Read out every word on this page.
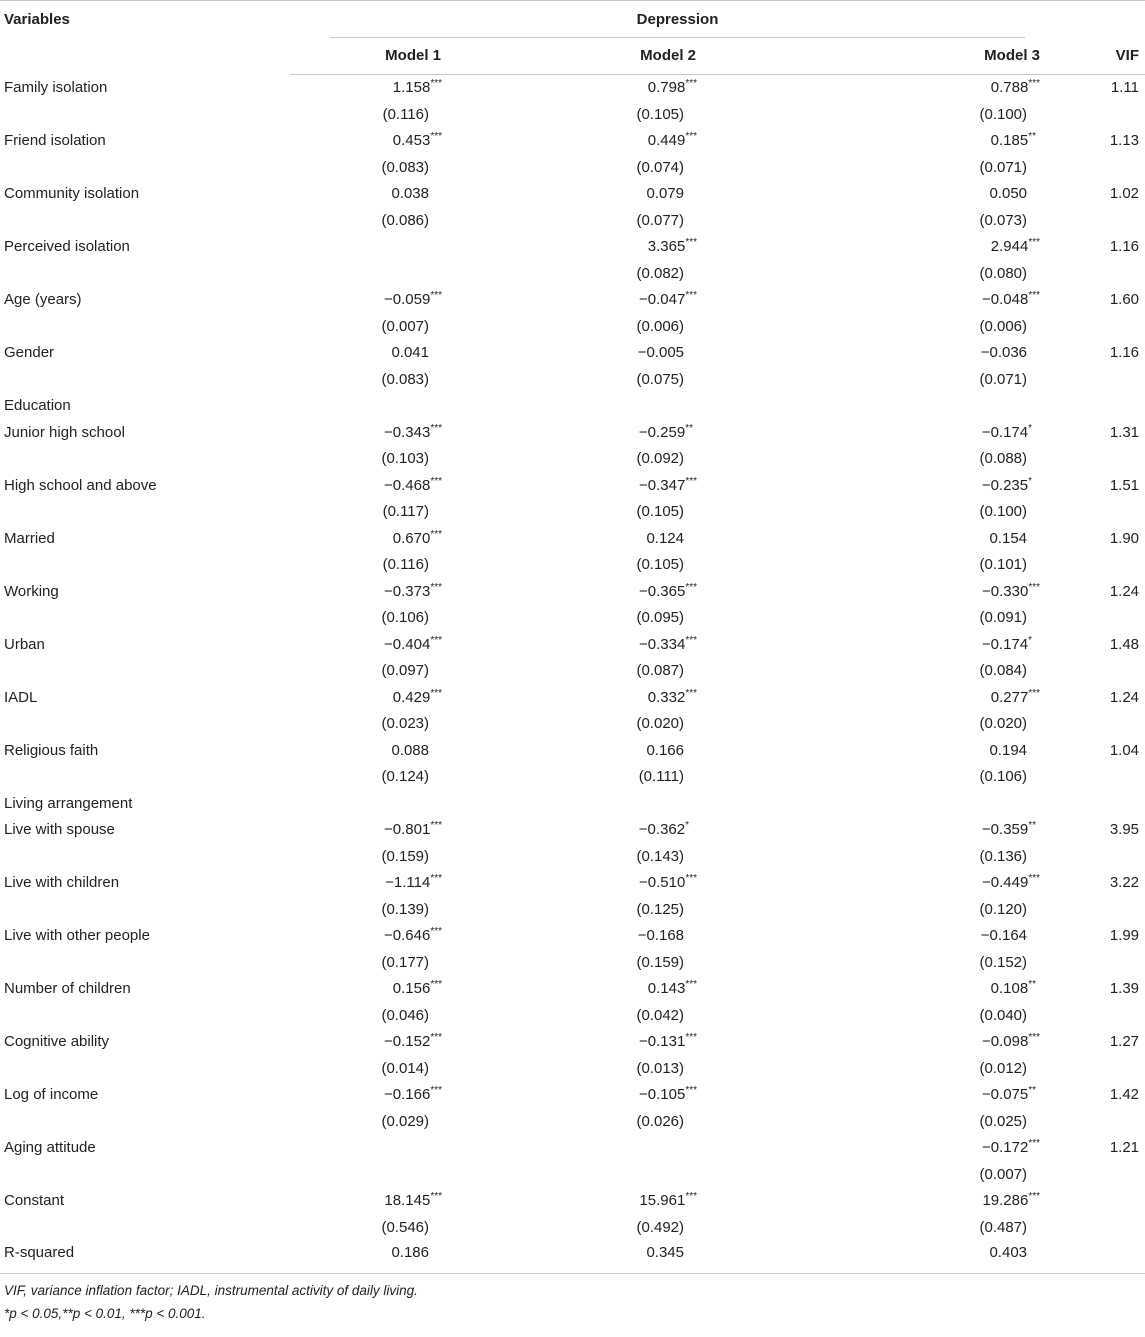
Variables	Depression			

	Model 1	Model 2	Model 3	VIF
Family isolation	1.158***	0.798***	0.788***	1.11
	(0.116)	(0.105)	(0.100)	
Friend isolation	0.453***	0.449***	0.185**	1.13
	(0.083)	(0.074)	(0.071)	
Community isolation	0.038	0.079	0.050	1.02
	(0.086)	(0.077)	(0.073)	
Perceived isolation		3.365***	2.944***	1.16
		(0.082)	(0.080)	
Age (years)	−0.059***	−0.047***	−0.048***	1.60
	(0.007)	(0.006)	(0.006)	
Gender	0.041	−0.005	−0.036	1.16
	(0.083)	(0.075)	(0.071)	
Education				
Junior high school	−0.343***	−0.259**	−0.174*	1.31
	(0.103)	(0.092)	(0.088)	
High school and above	−0.468***	−0.347***	−0.235*	1.51
	(0.117)	(0.105)	(0.100)	
Married	0.670***	0.124	0.154	1.90
	(0.116)	(0.105)	(0.101)	
Working	−0.373***	−0.365***	−0.330***	1.24
	(0.106)	(0.095)	(0.091)	
Urban	−0.404***	−0.334***	−0.174*	1.48
	(0.097)	(0.087)	(0.084)	
IADL	0.429***	0.332***	0.277***	1.24
	(0.023)	(0.020)	(0.020)	
Religious faith	0.088	0.166	0.194	1.04
	(0.124)	(0.111)	(0.106)	
Living arrangement				
Live with spouse	−0.801***	−0.362*	−0.359**	3.95
	(0.159)	(0.143)	(0.136)	
Live with children	−1.114***	−0.510***	−0.449***	3.22
	(0.139)	(0.125)	(0.120)	
Live with other people	−0.646***	−0.168	−0.164	1.99
	(0.177)	(0.159)	(0.152)	
Number of children	0.156***	0.143***	0.108**	1.39
	(0.046)	(0.042)	(0.040)	
Cognitive ability	−0.152***	−0.131***	−0.098***	1.27
	(0.014)	(0.013)	(0.012)	
Log of income	−0.166***	−0.105***	−0.075**	1.42
	(0.029)	(0.026)	(0.025)	
Aging attitude			−0.172***	1.21
			(0.007)	
Constant	18.145***	15.961***	19.286***	
	(0.546)	(0.492)	(0.487)	
R-squared	0.186	0.345	0.403	
VIF, variance inflation factor; IADL, instrumental activity of daily living.
*p < 0.05,**p < 0.01, ***p < 0.001.
